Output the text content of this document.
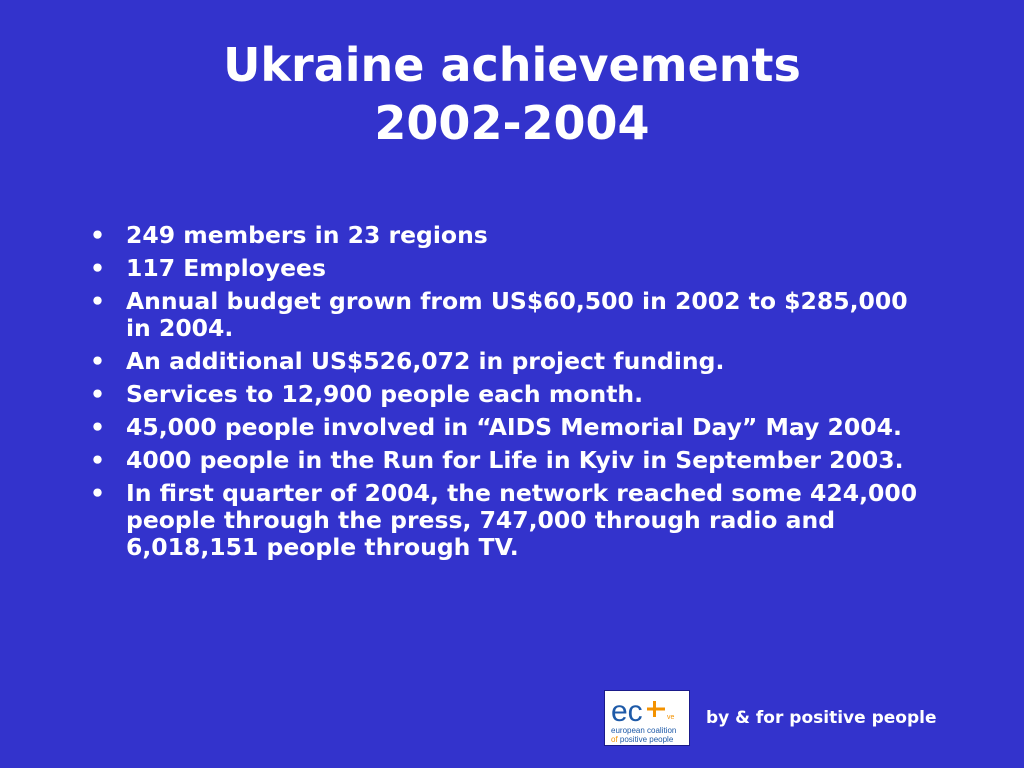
Ukraine achievements
2002-2004
• 249 members in 23 regions
• 117 Employees
• Annual budget grown from US$60,500 in 2002 to $285,000 in 2004.
• An additional US$526,072 in project funding.
• Services to 12,900 people each month.
• 45,000 people involved in “AIDS Memorial Day” May 2004.
• 4000 people in the Run for Life in Kyiv in September 2003.
• In first quarter of 2004, the network reached some 424,000 people through the press, 747,000 through radio and 6,018,151 people through TV.
ec	ve
european coalition
of positive people
by & for positive people
